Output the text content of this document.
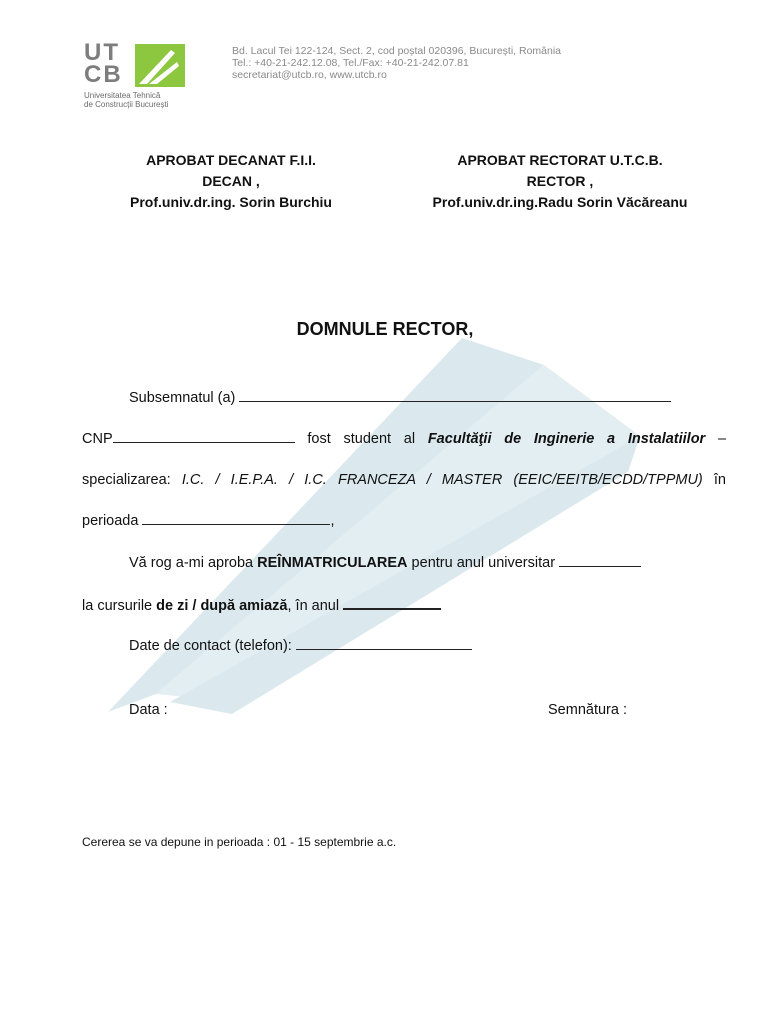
UT
CB
Universitatea Tehnică
de Construcții București
Bd. Lacul Tei 122-124, Sect. 2, cod poștal 020396, București, România
Tel.: +40-21-242.12.08, Tel./Fax: +40-21-242.07.81
secretariat@utcb.ro, www.utcb.ro
APROBAT DECANAT F.I.I.
DECAN ,
Prof.univ.dr.ing. Sorin Burchiu
APROBAT RECTORAT U.T.C.B.
RECTOR ,
Prof.univ.dr.ing.Radu Sorin Văcăreanu
DOMNULE RECTOR,
Subsemnatul (a)
CNP	fost student al Facultăţii de Inginerie a Instalatiilor –
specializarea: I.C. / I.E.P.A. / I.C. FRANCEZA / MASTER (EEIC/EEITB/ECDD/TPPMU) în
perioada	,
Vă rog a-mi aproba REÎNMATRICULAREA pentru anul universitar
la cursurile de zi / după amiază, în anul
Date de contact (telefon):
Data :	Semnătura :
Cererea se va depune in perioada : 01 - 15 septembrie a.c.
